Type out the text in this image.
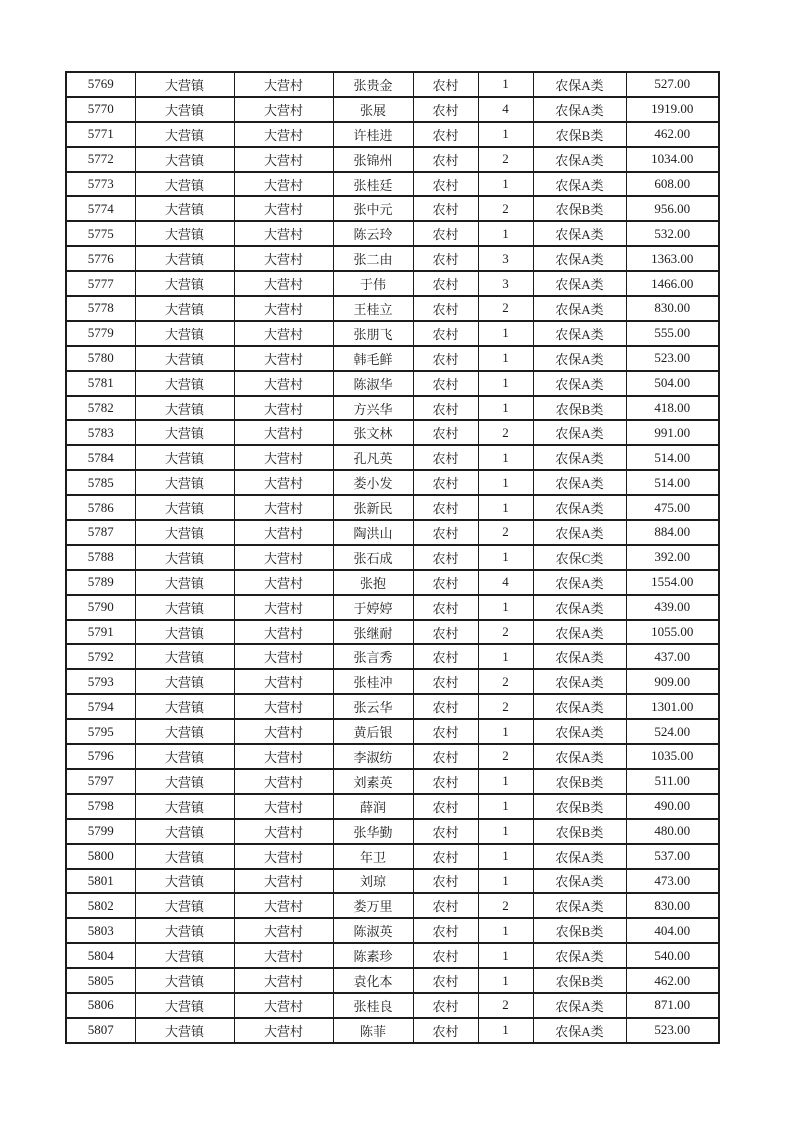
5769	大营镇	大营村	张贵金	农村	1	农保A类	527.00
5770	大营镇	大营村	张展	农村	4	农保A类	1919.00
5771	大营镇	大营村	许桂进	农村	1	农保B类	462.00
5772	大营镇	大营村	张锦州	农村	2	农保A类	1034.00
5773	大营镇	大营村	张桂廷	农村	1	农保A类	608.00
5774	大营镇	大营村	张中元	农村	2	农保B类	956.00
5775	大营镇	大营村	陈云玲	农村	1	农保A类	532.00
5776	大营镇	大营村	张二由	农村	3	农保A类	1363.00
5777	大营镇	大营村	于伟	农村	3	农保A类	1466.00
5778	大营镇	大营村	王桂立	农村	2	农保A类	830.00
5779	大营镇	大营村	张朋飞	农村	1	农保A类	555.00
5780	大营镇	大营村	韩毛鲜	农村	1	农保A类	523.00
5781	大营镇	大营村	陈淑华	农村	1	农保A类	504.00
5782	大营镇	大营村	方兴华	农村	1	农保B类	418.00
5783	大营镇	大营村	张文林	农村	2	农保A类	991.00
5784	大营镇	大营村	孔凡英	农村	1	农保A类	514.00
5785	大营镇	大营村	娄小发	农村	1	农保A类	514.00
5786	大营镇	大营村	张新民	农村	1	农保A类	475.00
5787	大营镇	大营村	陶洪山	农村	2	农保A类	884.00
5788	大营镇	大营村	张石成	农村	1	农保C类	392.00
5789	大营镇	大营村	张抱	农村	4	农保A类	1554.00
5790	大营镇	大营村	于婷婷	农村	1	农保A类	439.00
5791	大营镇	大营村	张继耐	农村	2	农保A类	1055.00
5792	大营镇	大营村	张言秀	农村	1	农保A类	437.00
5793	大营镇	大营村	张桂冲	农村	2	农保A类	909.00
5794	大营镇	大营村	张云华	农村	2	农保A类	1301.00
5795	大营镇	大营村	黄后银	农村	1	农保A类	524.00
5796	大营镇	大营村	李淑纺	农村	2	农保A类	1035.00
5797	大营镇	大营村	刘素英	农村	1	农保B类	511.00
5798	大营镇	大营村	薛润	农村	1	农保B类	490.00
5799	大营镇	大营村	张华勤	农村	1	农保B类	480.00
5800	大营镇	大营村	年卫	农村	1	农保A类	537.00
5801	大营镇	大营村	刘琼	农村	1	农保A类	473.00
5802	大营镇	大营村	娄万里	农村	2	农保A类	830.00
5803	大营镇	大营村	陈淑英	农村	1	农保B类	404.00
5804	大营镇	大营村	陈素珍	农村	1	农保A类	540.00
5805	大营镇	大营村	袁化本	农村	1	农保B类	462.00
5806	大营镇	大营村	张桂良	农村	2	农保A类	871.00
5807	大营镇	大营村	陈菲	农村	1	农保A类	523.00
